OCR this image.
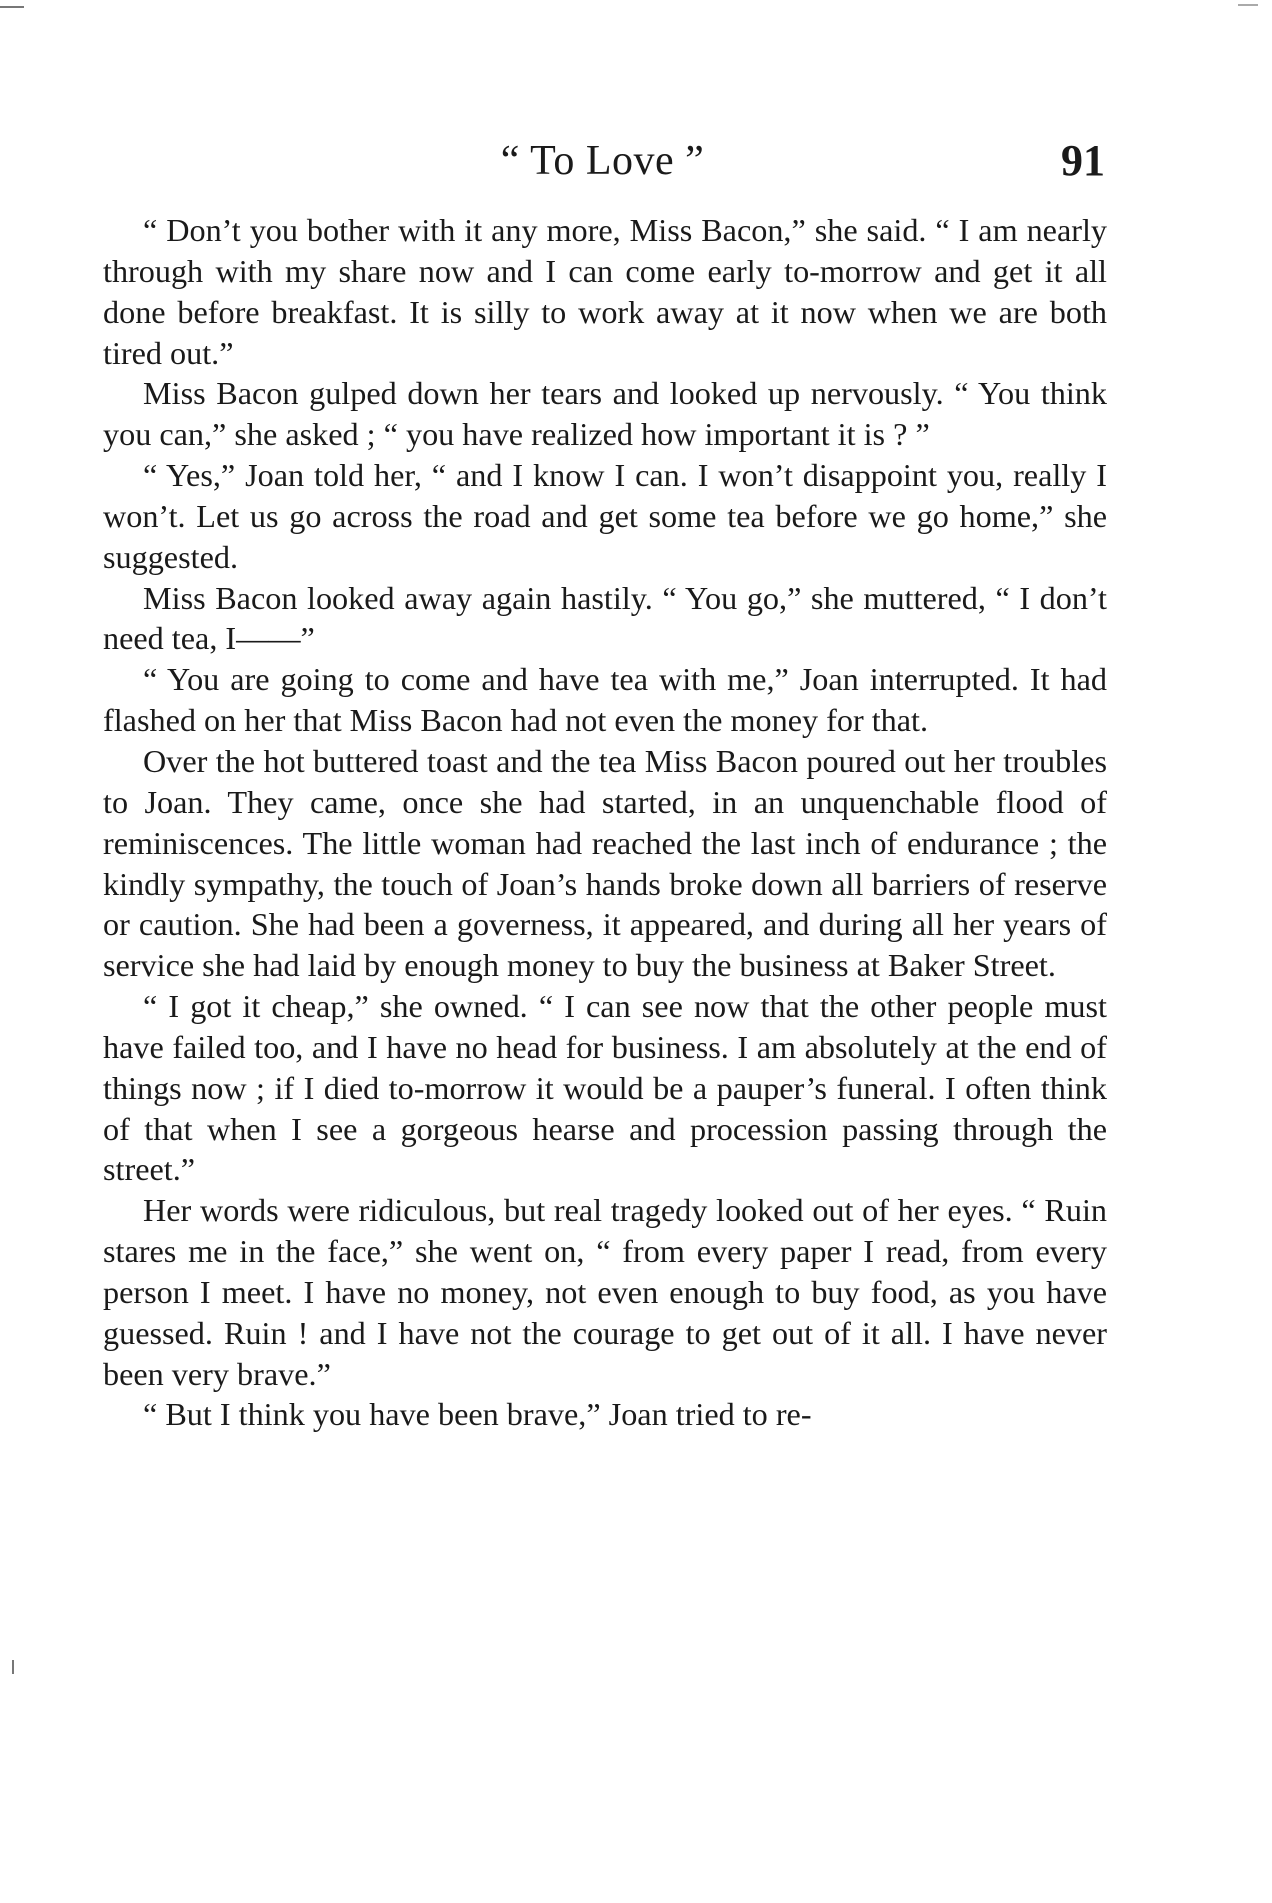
“ To Love ”	91

“ Don’t you bother with it any more, Miss Bacon,” she said. “ I am nearly through with my share now and I can come early to-morrow and get it all done before breakfast. It is silly to work away at it now when we are both tired out.”

Miss Bacon gulped down her tears and looked up nervously. “ You think you can,” she asked ; “ you have realized how important it is ? ”

“ Yes,” Joan told her, “ and I know I can. I won’t disappoint you, really I won’t. Let us go across the road and get some tea before we go home,” she suggested.

Miss Bacon looked away again hastily. “ You go,” she muttered, “ I don’t need tea, I——”

“ You are going to come and have tea with me,” Joan interrupted. It had flashed on her that Miss Bacon had not even the money for that.

Over the hot buttered toast and the tea Miss Bacon poured out her troubles to Joan. They came, once she had started, in an unquenchable flood of reminiscences. The little woman had reached the last inch of endurance ; the kindly sympathy, the touch of Joan’s hands broke down all barriers of reserve or caution. She had been a governess, it appeared, and during all her years of service she had laid by enough money to buy the business at Baker Street.

“ I got it cheap,” she owned. “ I can see now that the other people must have failed too, and I have no head for business. I am absolutely at the end of things now ; if I died to-morrow it would be a pauper’s funeral. I often think of that when I see a gorgeous hearse and procession passing through the street.”

Her words were ridiculous, but real tragedy looked out of her eyes. “ Ruin stares me in the face,” she went on, “ from every paper I read, from every person I meet. I have no money, not even enough to buy food, as you have guessed. Ruin ! and I have not the courage to get out of it all. I have never been very brave.”

“ But I think you have been brave,” Joan tried to re-
